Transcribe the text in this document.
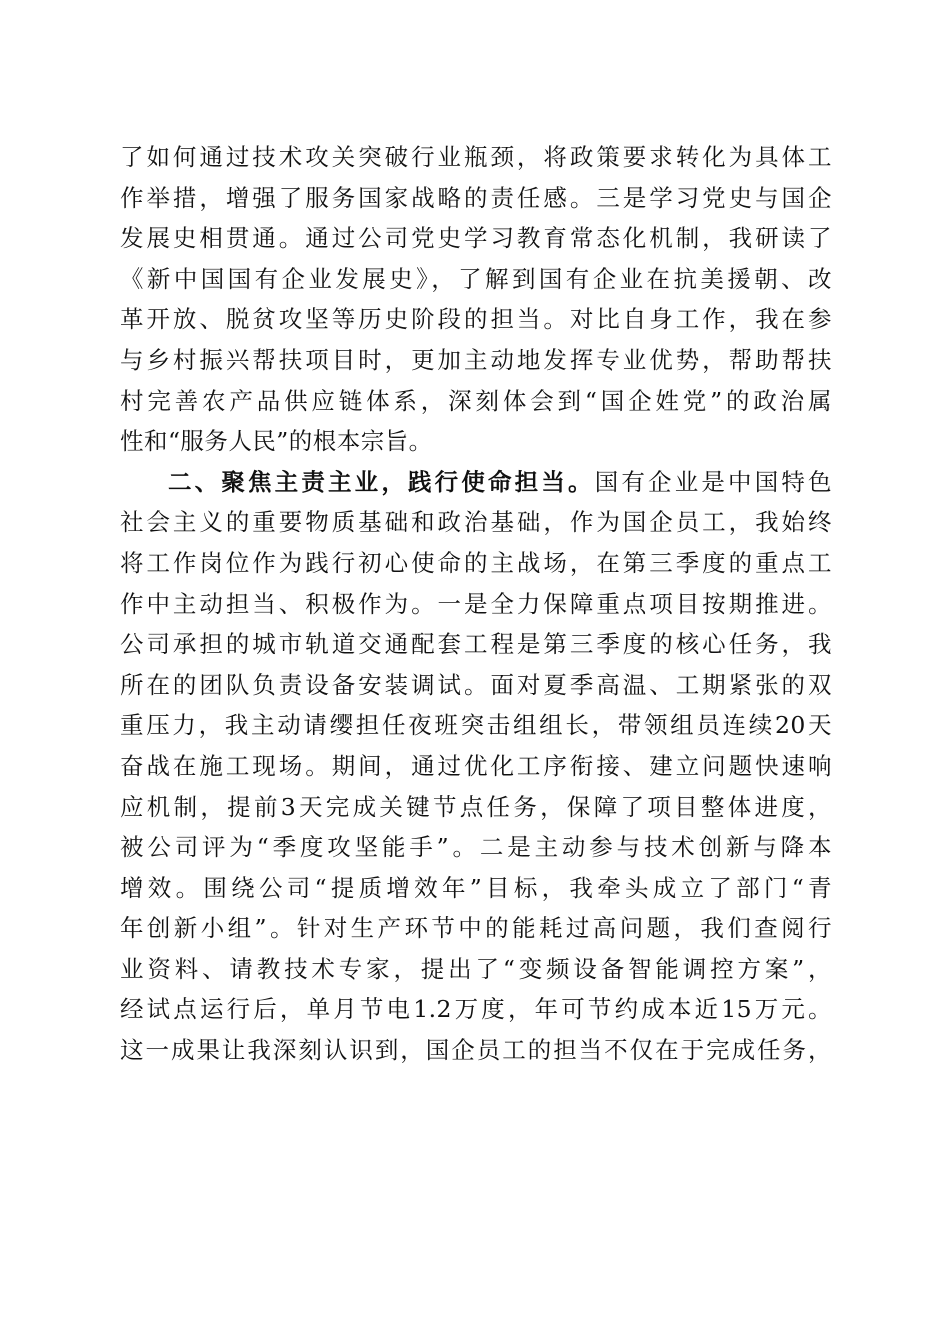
了如何通过技术攻关突破行业瓶颈，将政策要求转化为具体工
作举措，增强了服务国家战略的责任感。三是学习党史与国企
发展史相贯通。通过公司党史学习教育常态化机制，我研读了
《新中国国有企业发展史》，了解到国有企业在抗美援朝、改
革开放、脱贫攻坚等历史阶段的担当。对比自身工作，我在参
与乡村振兴帮扶项目时，更加主动地发挥专业优势，帮助帮扶
村完善农产品供应链体系，深刻体会到“国企姓党”的政治属
性和“服务人民”的根本宗旨。
二、聚焦主责主业，践行使命担当。国有企业是中国特色
社会主义的重要物质基础和政治基础，作为国企员工，我始终
将工作岗位作为践行初心使命的主战场，在第三季度的重点工
作中主动担当、积极作为。一是全力保障重点项目按期推进。
公司承担的城市轨道交通配套工程是第三季度的核心任务，我
所在的团队负责设备安装调试。面对夏季高温、工期紧张的双
重压力，我主动请缨担任夜班突击组组长，带领组员连续20天
奋战在施工现场。期间，通过优化工序衔接、建立问题快速响
应机制，提前3天完成关键节点任务，保障了项目整体进度，
被公司评为“季度攻坚能手”。二是主动参与技术创新与降本
增效。围绕公司“提质增效年”目标，我牵头成立了部门“青
年创新小组”。针对生产环节中的能耗过高问题，我们查阅行
业资料、请教技术专家，提出了“变频设备智能调控方案”，
经试点运行后，单月节电1.2万度，年可节约成本近15万元。
这一成果让我深刻认识到，国企员工的担当不仅在于完成任务，
